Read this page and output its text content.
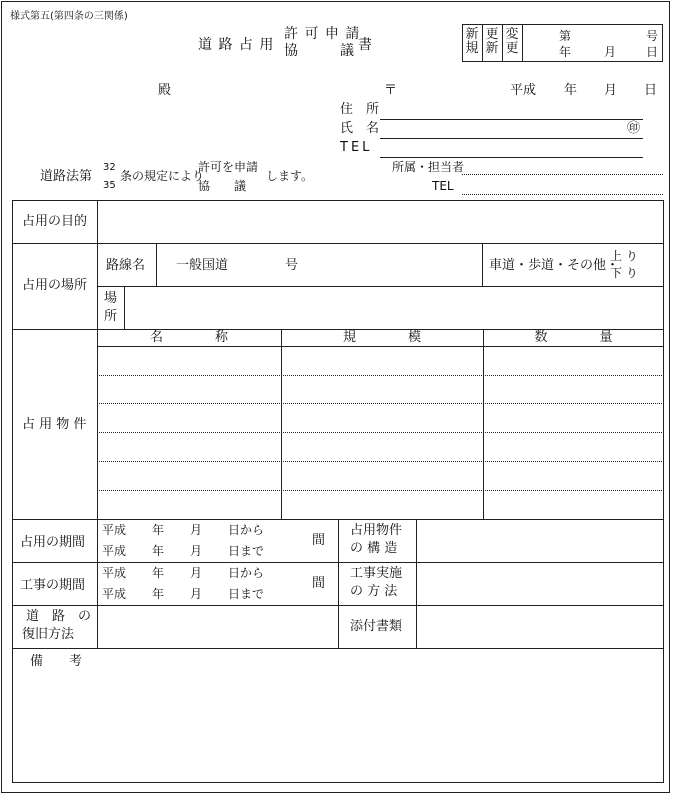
様式第五(第四条の三関係)
道 路 占 用
許 可 申 請
協　　　議 書
新規
更新
変更
第	号
年	月 日
殿	〒	平成 年 月 日
住　所
氏　名	㊞
TEL
所属・担当者
TEL
道路法第
32
35
条の規定により
許可を申請
協　　議
します。
占用の目的
占用の場所
路線名 一般国道	号	車道・歩道・その他・
上 り
下 り
場
所
占 用 物 件
名　　　　称	規　　　　模	数　　　　量
占用の期間
平成 年 月 日から
平成 年 月 日まで
間
占用物件
の 構 造
工事の期間
平成 年 月 日から
平成 年 月 日まで
間
工事実施
の 方 法
道　路　の
復旧方法
添付書類
備　　考
